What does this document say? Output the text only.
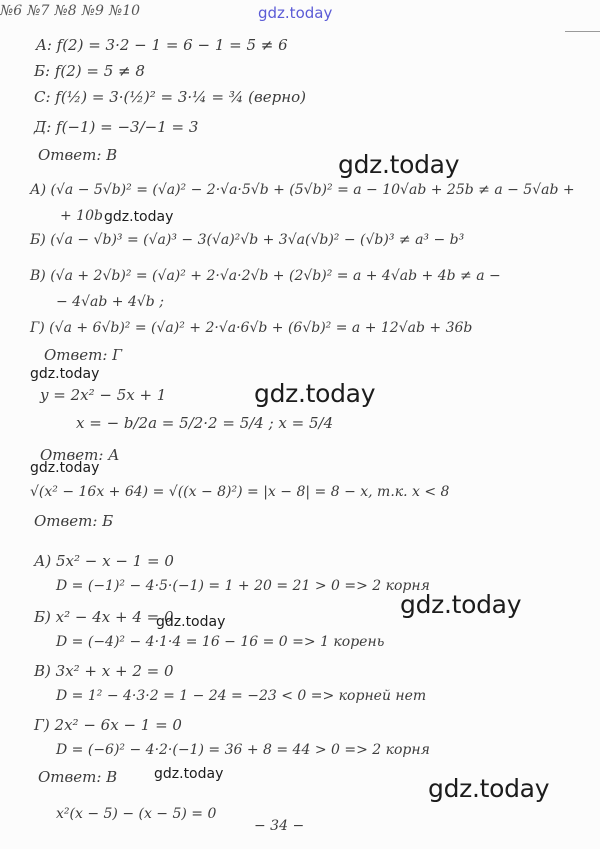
gdz.today
A: f(2) = 3·2 − 1 = 6 − 1 = 5 ≠ 6
Б: f(2) = 5 ≠ 8
C: f(½) = 3·(½)² = 3·¼ = ¾ (верно)
Д: f(−1) = −3/−1 = 3
Ответ: В
№6
gdz.today
А) (√a − 5√b)² = (√a)² − 2·√a·5√b + (5√b)² = a − 10√ab + 25b ≠ a − 5√ab +
+ 10b gdz.today
Б) (√a − √b)³ = (√a)³ − 3(√a)²√b + 3√a(√b)² − (√b)³ ≠ a³ − b³
В) (√a + 2√b)² = (√a)² + 2·√a·2√b + (2√b)² = a + 4√ab + 4b ≠ a −
− 4√ab + 4√b ;
Г) (√a + 6√b)² = (√a)² + 2·√a·6√b + (6√b)² = a + 12√ab + 36b
Ответ: Г
gdz.today
№7
gdz.today
y = 2x² − 5x + 1
x = − b/2a = 5/2·2 = 5/4 ; x = 5/4
Ответ: А
gdz.today
№8
√(x² − 16x + 64) = √((x − 8)²) = |x − 8| = 8 − x, т.к. x < 8
Ответ: Б
№9
А) 5x² − x − 1 = 0
D = (−1)² − 4·5·(−1) = 1 + 20 = 21 > 0 => 2 корня
gdz.today
Б) x² − 4x + 4 = 0
gdz.today
D = (−4)² − 4·1·4 = 16 − 16 = 0 => 1 корень
В) 3x² + x + 2 = 0
D = 1² − 4·3·2 = 1 − 24 = −23 < 0 => корней нет
Г) 2x² − 6x − 1 = 0
D = (−6)² − 4·2·(−1) = 36 + 8 = 44 > 0 => 2 корня
Ответ: В	gdz.today
№10
gdz.today
x²(x − 5) − (x − 5) = 0
− 34 −
